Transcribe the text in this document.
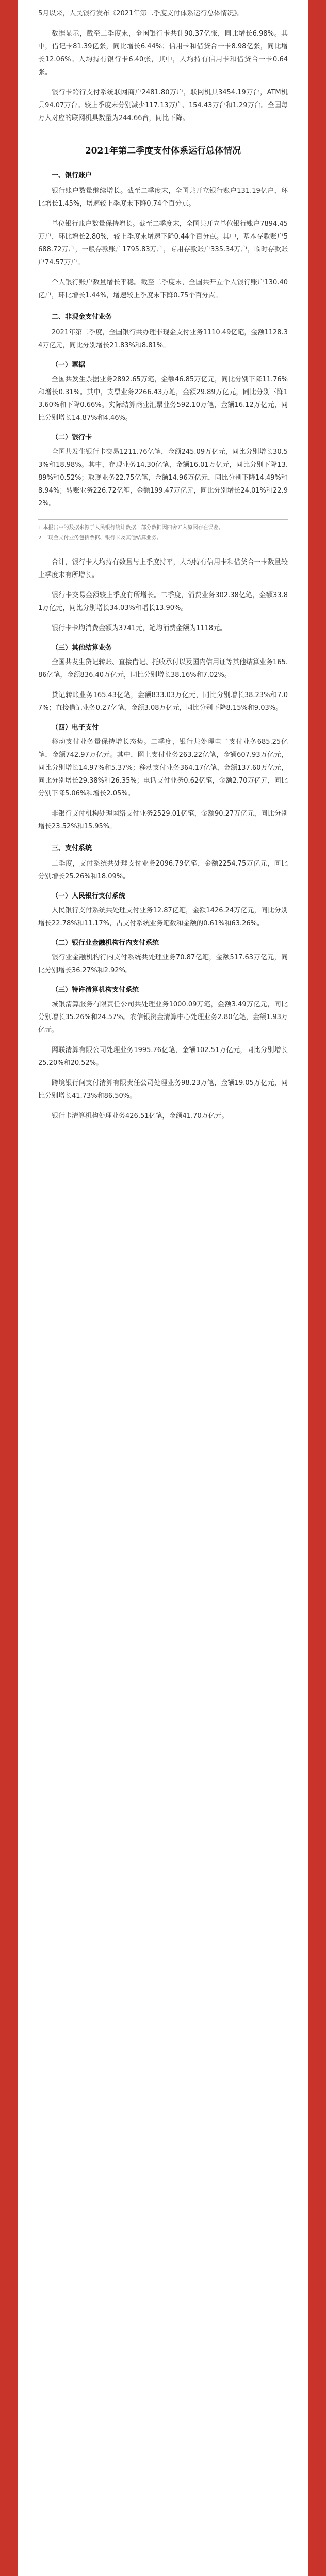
5月以来，人民银行发布《2021年第二季度支付体系运行总体情况》。

数据显示，截至二季度末，全国银行卡共计90.37亿张，同比增长6.98%。其中，借记卡81.39亿张，同比增长6.44%；信用卡和借贷合一卡8.98亿张，同比增长12.06%。人均持有银行卡6.40张，其中，人均持有信用卡和借贷合一卡0.64张。

银行卡跨行支付系统联网商户2481.80万户，联网机具3454.19万台，ATM机具94.07万台。较上季度末分别减少117.13万户、154.43万台和1.29万台。全国每万人对应的联网机具数量为244.66台，同比下降。

2021年第二季度支付体系运行总体情况
一、银行账户

银行账户数量继续增长。截至二季度末，全国共开立银行账户131.19亿户，环比增长1.45%，增速较上季度末下降0.74个百分点。

单位银行账户数量保持增长。截至二季度末，全国共开立单位银行账户7894.45万户，环比增长2.80%，较上季度末增速下降0.44个百分点。其中，基本存款账户5688.72万户，一般存款账户1795.83万户，专用存款账户335.34万户，临时存款账户74.57万户。

个人银行账户数量增长平稳。截至二季度末，全国共开立个人银行账户130.40亿户，环比增长1.44%，增速较上季度末下降0.75个百分点。

二、非现金支付业务

2021年第二季度，全国银行共办理非现金支付业务1110.49亿笔，金额1128.34万亿元，同比分别增长21.83%和8.81%。

（一）票据

全国共发生票据业务2892.65万笔，金额46.85万亿元，同比分别下降11.76%和增长0.31%。其中，支票业务2266.43万笔，金额29.89万亿元，同比分别下降13.60%和下降0.66%。实际结算商业汇票业务592.10万笔，金额16.12万亿元，同比分别增长14.87%和4.46%。

（二）银行卡

全国共发生银行卡交易1211.76亿笔，金额245.09万亿元，同比分别增长30.53%和18.98%。其中，存现业务14.30亿笔，金额16.01万亿元，同比分别下降13.89%和0.52%；取现业务22.75亿笔，金额14.96万亿元，同比分别下降14.49%和8.94%；转账业务226.72亿笔，金额199.47万亿元，同比分别增长24.01%和22.92%。

1 本报告中的数据来源于人民银行统计数据，部分数据因四舍五入原因存在误差。

2 非现金支付业务包括票据、银行卡及其他结算业务。

合计，银行卡人均持有数量与上季度持平，人均持有信用卡和借贷合一卡数量较上季度末有所增长。

银行卡交易金额较上季度有所增长。二季度，消费业务302.38亿笔，金额33.81万亿元，同比分别增长34.03%和增长13.90%。

银行卡卡均消费金额为3741元，笔均消费金额为1118元。

（三）其他结算业务

全国共发生贷记转账、直接借记、托收承付以及国内信用证等其他结算业务165.86亿笔，金额836.40万亿元，同比分别增长38.16%和7.02%。

贷记转账业务165.43亿笔，金额833.03万亿元，同比分别增长38.23%和7.07%；直接借记业务0.27亿笔，金额3.08万亿元，同比分别下降8.15%和9.03%。

（四）电子支付

移动支付业务量保持增长态势。二季度，银行共处理电子支付业务685.25亿笔，金额742.97万亿元。其中，网上支付业务263.22亿笔，金额607.93万亿元，同比分别增长14.97%和5.37%；移动支付业务364.17亿笔，金额137.60万亿元，同比分别增长29.38%和26.35%；电话支付业务0.62亿笔，金额2.70万亿元，同比分别下降5.06%和增长2.05%。

非银行支付机构处理网络支付业务2529.01亿笔，金额90.27万亿元，同比分别增长23.52%和15.95%。

三、支付系统

二季度，支付系统共处理支付业务2096.79亿笔，金额2254.75万亿元，同比分别增长25.26%和18.09%。

（一）人民银行支付系统

人民银行支付系统共处理支付业务12.87亿笔，金额1426.24万亿元，同比分别增长22.78%和11.17%，占支付系统业务笔数和金额的0.61%和63.26%。

（二）银行业金融机构行内支付系统

银行业金融机构行内支付系统共处理业务70.87亿笔，金额517.63万亿元，同比分别增长36.27%和2.92%。

（三）特许清算机构支付系统

城银清算服务有限责任公司共处理业务1000.09万笔，金额3.49万亿元，同比分别增长35.26%和24.57%。农信银资金清算中心处理业务2.80亿笔，金额1.93万亿元。

网联清算有限公司处理业务1995.76亿笔，金额102.51万亿元，同比分别增长25.20%和20.52%。

跨境银行间支付清算有限责任公司处理业务98.23万笔，金额19.05万亿元，同比分别增长41.73%和86.50%。

银行卡清算机构处理业务426.51亿笔，金额41.70万亿元。
